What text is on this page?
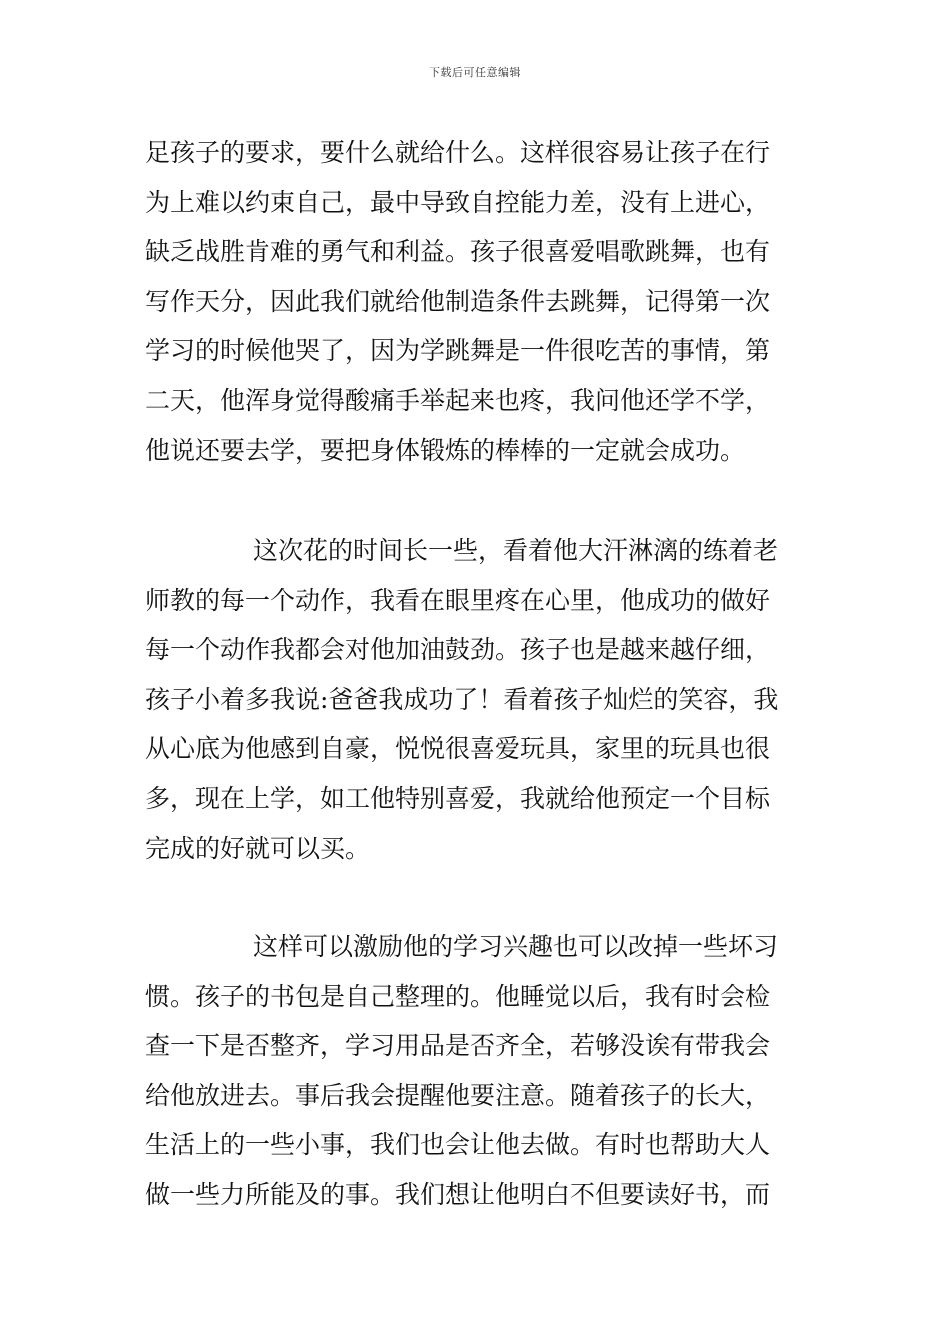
下载后可任意编辑
足孩子的要求，要什么就给什么。这样很容易让孩子在行
为上难以约束自己，最中导致自控能力差，没有上进心，
缺乏战胜肯难的勇气和利益。孩子很喜爱唱歌跳舞，也有
写作天分，因此我们就给他制造条件去跳舞，记得第一次
学习的时候他哭了，因为学跳舞是一件很吃苦的事情，第
二天，他浑身觉得酸痛手举起来也疼，我问他还学不学，
他说还要去学，要把身体锻炼的棒棒的一定就会成功。
这次花的时间长一些，看着他大汗淋漓的练着老
师教的每一个动作，我看在眼里疼在心里，他成功的做好
每一个动作我都会对他加油鼓劲。孩子也是越来越仔细，
孩子小着多我说:爸爸我成功了！看着孩子灿烂的笑容，我
从心底为他感到自豪，悦悦很喜爱玩具，家里的玩具也很
多，现在上学，如工他特别喜爱，我就给他预定一个目标
完成的好就可以买。
这样可以激励他的学习兴趣也可以改掉一些坏习
惯。孩子的书包是自己整理的。他睡觉以后，我有时会检
查一下是否整齐，学习用品是否齐全，若够没诶有带我会
给他放进去。事后我会提醒他要注意。随着孩子的长大，
生活上的一些小事，我们也会让他去做。有时也帮助大人
做一些力所能及的事。我们想让他明白不但要读好书，而
